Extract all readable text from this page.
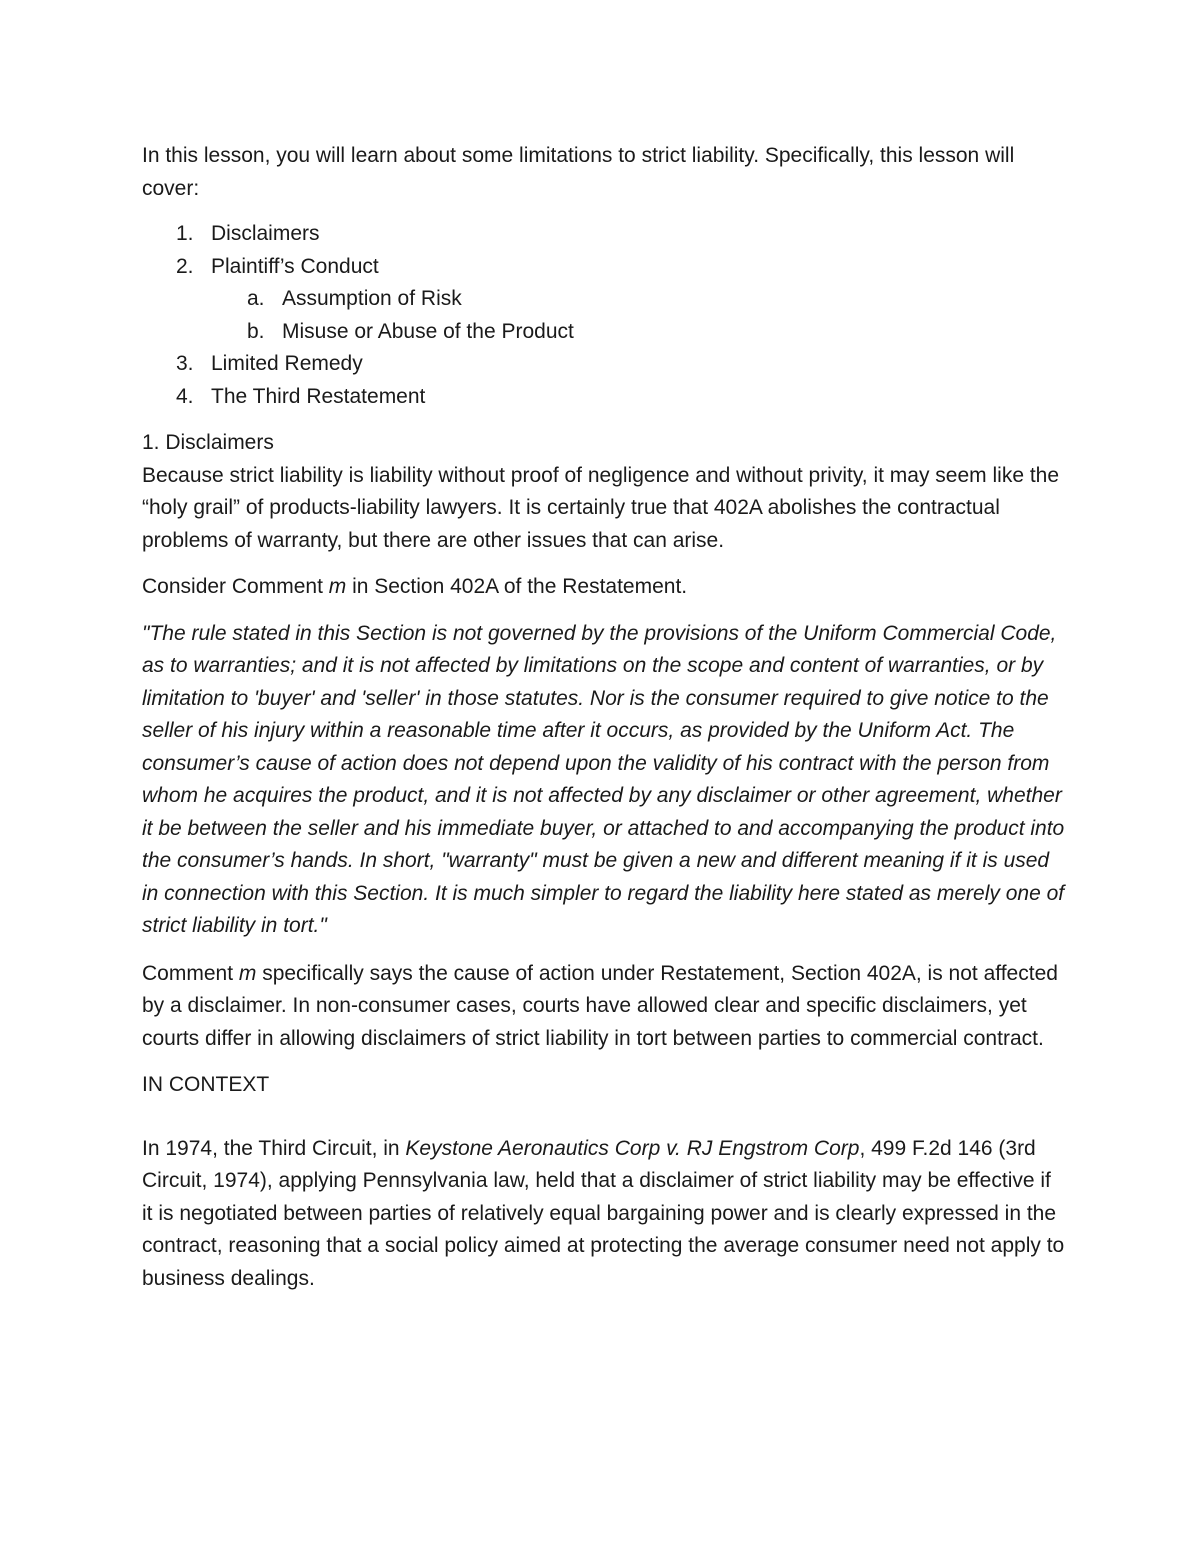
In this lesson, you will learn about some limitations to strict liability. Specifically, this lesson will cover:

1. Disclaimers
2. Plaintiff’s Conduct
a. Assumption of Risk
b. Misuse or Abuse of the Product
3. Limited Remedy
4. The Third Restatement

1. Disclaimers

Because strict liability is liability without proof of negligence and without privity, it may seem like the “holy grail” of products-liability lawyers. It is certainly true that 402A abolishes the contractual problems of warranty, but there are other issues that can arise.

Consider Comment m in Section 402A of the Restatement.

"The rule stated in this Section is not governed by the provisions of the Uniform Commercial Code, as to warranties; and it is not affected by limitations on the scope and content of warranties, or by limitation to 'buyer' and 'seller' in those statutes. Nor is the consumer required to give notice to the seller of his injury within a reasonable time after it occurs, as provided by the Uniform Act. The consumer’s cause of action does not depend upon the validity of his contract with the person from whom he acquires the product, and it is not affected by any disclaimer or other agreement, whether it be between the seller and his immediate buyer, or attached to and accompanying the product into the consumer’s hands. In short, "warranty" must be given a new and different meaning if it is used in connection with this Section. It is much simpler to regard the liability here stated as merely one of strict liability in tort."

Comment m specifically says the cause of action under Restatement, Section 402A, is not affected by a disclaimer. In non-consumer cases, courts have allowed clear and specific disclaimers, yet courts differ in allowing disclaimers of strict liability in tort between parties to commercial contract.

IN CONTEXT

In 1974, the Third Circuit, in Keystone Aeronautics Corp v. RJ Engstrom Corp, 499 F.2d 146 (3rd Circuit, 1974), applying Pennsylvania law, held that a disclaimer of strict liability may be effective if it is negotiated between parties of relatively equal bargaining power and is clearly expressed in the contract, reasoning that a social policy aimed at protecting the average consumer need not apply to business dealings.
